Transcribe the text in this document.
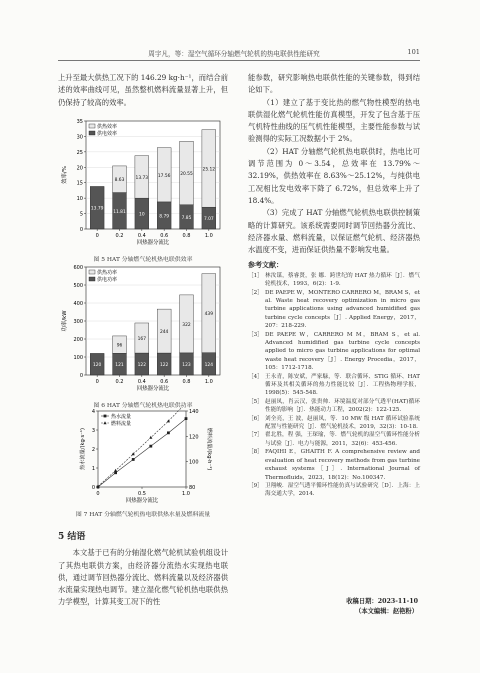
周宇凡，等：湿空气循环分轴燃气轮机的热电联供性能研究	101

上升至最大供热工况下的 146.29 kg·h⁻¹，而结合前述的效率曲线可见，虽然整机燃料流量显著上升，但仍保持了较高的效率。

0
5
10
15
20
25
30
35
13.79
0
11.81
8.63
0.2
10
13.73
0.4
8.79
17.56
0.6
7.85
20.55
0.8
7.07
25.12
1.0
回热器分流比
效率/%
供热效率
供电效率
图 5 HAT 分轴燃气轮机热电联供效率
0
100
200
300
400
500
600
120
0
121
96
0.2
122
167
0.4
122
244
0.6
123
322
0.8
124
439
1.0
回热器分流比
功率/kW
供热功率
供电功率
图 6 HAT 分轴燃气轮机热电联供功率
0
1
2
3
4
80
100
120
140
0	0.5	1.0
回热器分流比
热水流量/(kg·s⁻¹)	燃料流量/(kg·h⁻¹)
热水流量
燃料流量
图 7 HAT 分轴燃气轮机热电联供热水量及燃料流量

5 结语

本文基于已有的分轴湿化燃气轮机试验机组设计了其热电联供方案，由经济器分流热水实现热电联供，通过调节回热器分流比、燃料流量以及经济器供水流量实现热电调节。建立湿化燃气轮机热电联供热力学模型，计算其变工况下的性

能参数，研究影响热电联供性能的关键参数，得到结论如下。

（1）建立了基于变比热的燃气物性模型的热电联供湿化燃气轮机性能仿真模型，开发了包含基于压气机特性曲线的压气机性能模型，主要性能参数与试验测得的实际工况数据小于 2%。

（2）HAT 分轴燃气轮机热电联供时，热电比可调节范围为 0～3.54，总效率在 13.79%～32.19%，供热效率在 8.63%～25.12%，与纯供电工况相比发电效率下降了 6.72%，但总效率上升了 18.4%。

（3）完成了 HAT 分轴燃气轮机热电联供控制策略的计算研究。该系统需要同时调节回热器分流比、经济器水量、燃料流量，以保证燃气轮机、经济器热水温度不变，进而保证供热量不影响发电量。

参考文献：
［1］ 林汝谋，蔡睿贤，张 娜．跨世纪的 HAT 热力循环［J］．燃气轮机技术，1993，6(2)：1-9.
［2］ DE PAEPE W，MONTERO CARRERO M，BRAM S，et al. Waste heat recovery optimization in micro gas turbine applications using advanced humidified gas turbine cycle concepts［J］. Applied Energy，2017，207：218-229.
［3］ DE PAEPE W，CARRERO M M，BRAM S，et al. Advanced humidified gas turbine cycle concepts applied to micro gas turbine applications for optimal waste heat recovery［J］. Energy Procedia，2017，105：1712-1718.
［4］ 王永青，陈安斌，严家騄，等．联合循环、STIG 循环、HAT 循环及其相关循环的热力性能比较［J］．工程热物理学报，1998(5)：545-548.
［5］ 赵丽凤，肖云汉，张贵帅．环境温度对部分气透平(HAT)循环性能的影响［J］．热能动力工程，2002(2)：122-125.
［6］ 刘全亮，王 波，赵丽凤，等．10 MW 级 HAT 循环试验系统配置与性能研究［J］．燃气轮机技术，2019，32(3)：10-18.
［7］ 翟北胜，程 强，王琛瑜，等．燃气轮机的湿空气循环性能分析与试验［J］．电力与能源，2011，32(6)：453-456.
［8］ FAQIHI E，GHAITH F. A comprehensive review and evaluation of heat recovery methods from gas turbine exhaust systems［J］. International Journal of Thermofluids，2023，18(12)：No.100347.
［9］ 卫翔峻．湿空气透平循环性能仿真与试验研究［D］．上海：上海交通大学，2014.
收稿日期：2023-11-10
（本文编辑：赵艳粉）
